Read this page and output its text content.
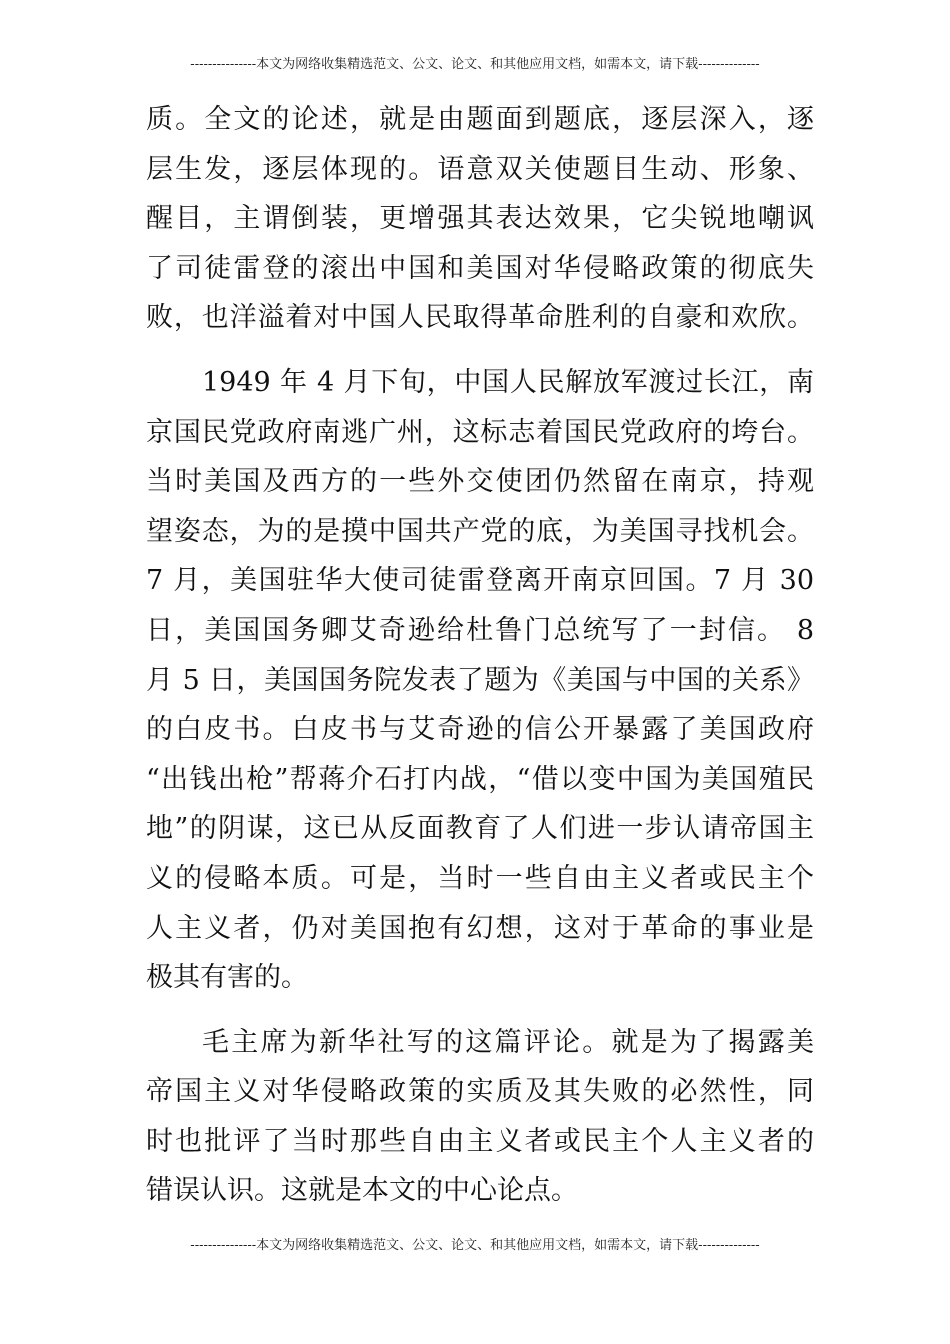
---------------本文为网络收集精选范文、公文、论文、和其他应用文档，如需本文，请下载--------------
质。全文的论述，就是由题面到题底，逐层深入，逐
层生发，逐层体现的。语意双关使题目生动、形象、
醒目，主谓倒装，更增强其表达效果，它尖锐地嘲讽
了司徒雷登的滚出中国和美国对华侵略政策的彻底失
败，也洋溢着对中国人民取得革命胜利的自豪和欢欣。
1949 年 4 月下旬，中国人民解放军渡过长江，南
京国民党政府南逃广州，这标志着国民党政府的垮台。
当时美国及西方的一些外交使团仍然留在南京，持观
望姿态，为的是摸中国共产党的底，为美国寻找机会。
7 月，美国驻华大使司徒雷登离开南京回国。7 月 30
日，美国国务卿艾奇逊给杜鲁门总统写了一封信。 8
月 5 日，美国国务院发表了题为《美国与中国的关系》
的白皮书。白皮书与艾奇逊的信公开暴露了美国政府
“出钱出枪”帮蒋介石打内战，“借以变中国为美国殖民
地”的阴谋，这已从反面教育了人们进一步认请帝国主
义的侵略本质。可是，当时一些自由主义者或民主个
人主义者，仍对美国抱有幻想，这对于革命的事业是
极其有害的。
毛主席为新华社写的这篇评论。就是为了揭露美
帝国主义对华侵略政策的实质及其失败的必然性，同
时也批评了当时那些自由主义者或民主个人主义者的
错误认识。这就是本文的中心论点。
---------------本文为网络收集精选范文、公文、论文、和其他应用文档，如需本文，请下载--------------
